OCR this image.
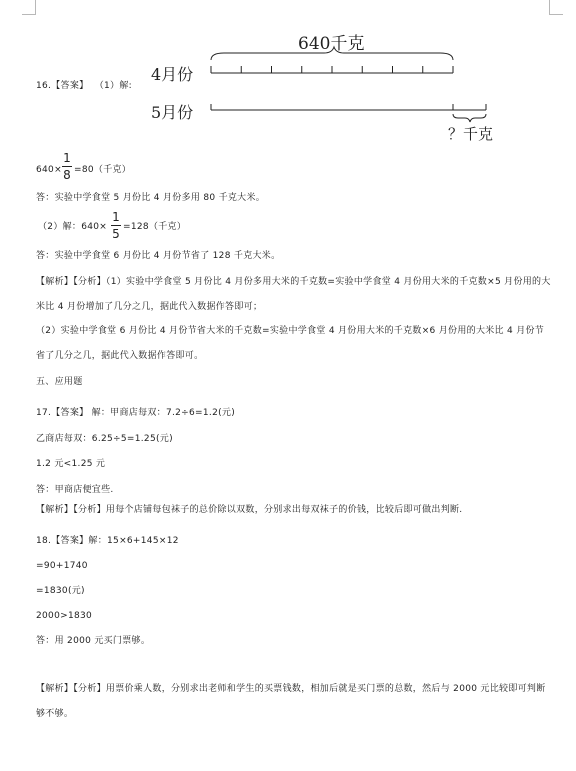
640千克
4月份
5月份
？千克
16.【答案】 （1）解:
640×
1
8 =80（千克）
答：实验中学食堂 5 月份比 4 月份多用 80 千克大米。
（2）解：640×
1
5 =128（千克）
答：实验中学食堂 6 月份比 4 月份节省了 128 千克大米。
【解析】【分析】（1）实验中学食堂 5 月份比 4 月份多用大米的千克数=实验中学食堂 4 月份用大米的千克数×5 月份用的大米比 4 月份增加了几分之几，据此代入数据作答即可；
（2）实验中学食堂 6 月份比 4 月份节省大米的千克数=实验中学食堂 4 月份用大米的千克数×6 月份用的大米比 4 月份节省了几分之几，据此代入数据作答即可。
五、应用题
17.【答案】 解：甲商店每双：7.2÷6=1.2(元)
乙商店每双：6.25÷5=1.25(元)
1.2 元<1.25 元
答：甲商店便宜些.
【解析】【分析】用每个店铺每包袜子的总价除以双数，分别求出每双袜子的价钱，比较后即可做出判断.
18.【答案】解：15×6+145×12
=90+1740
=1830(元)
2000>1830
答：用 2000 元买门票够。
【解析】【分析】用票价乘人数，分别求出老师和学生的买票钱数，相加后就是买门票的总数，然后与 2000 元比较即可判断够不够。
